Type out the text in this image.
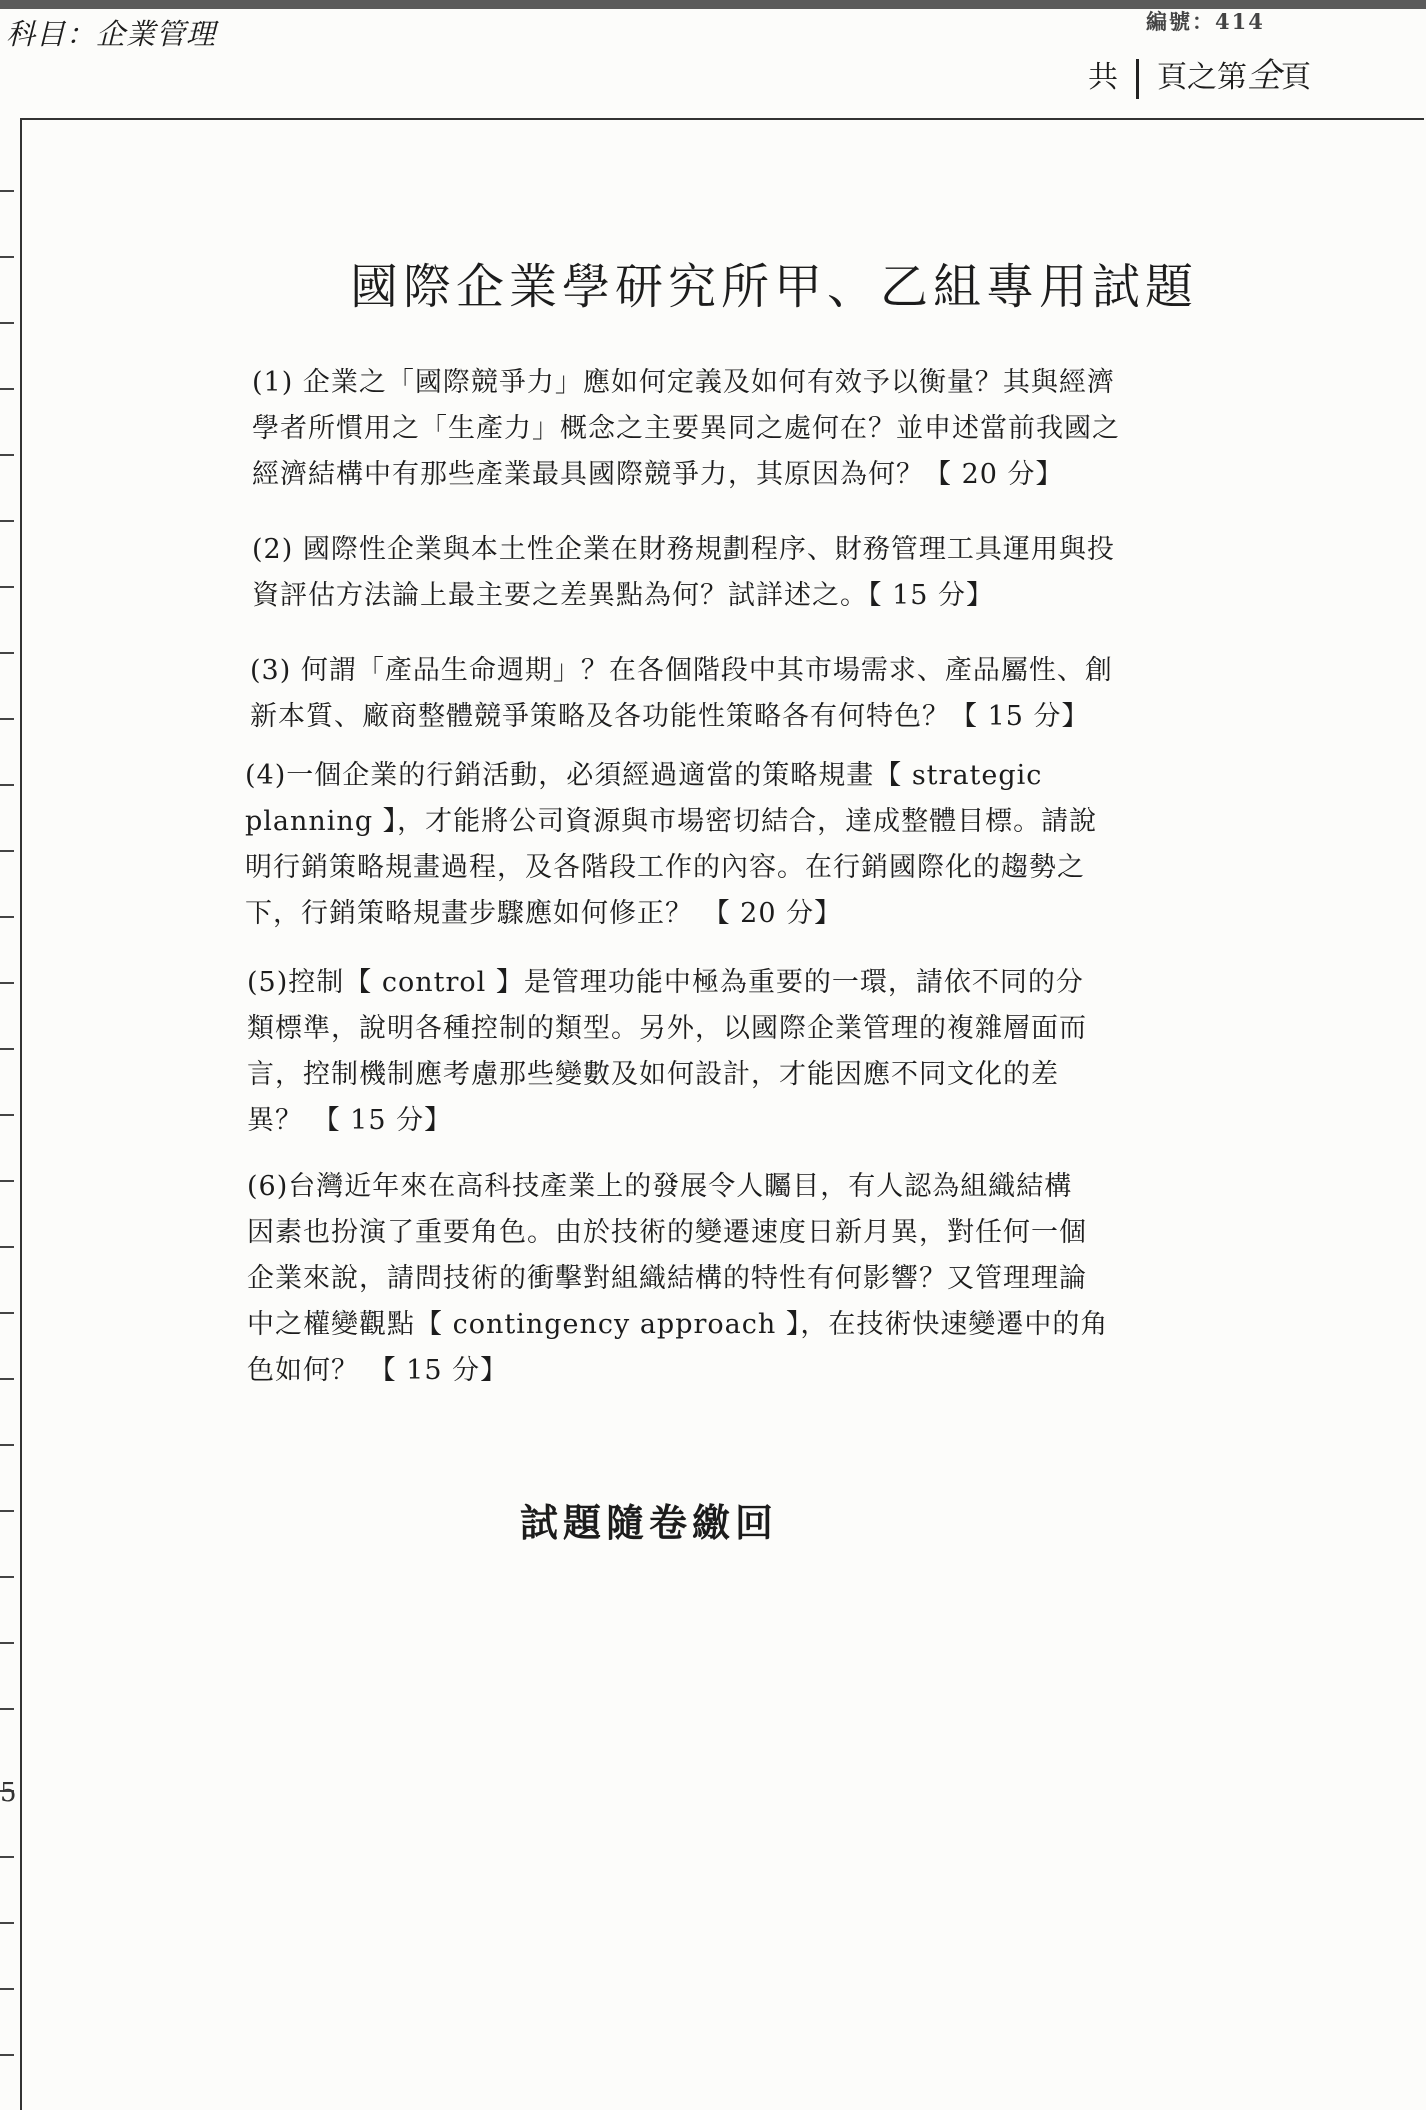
科目：企業管理	編號：414
共 頁之第全頁
5
國際企業學研究所甲、乙組專用試題
(1) 企業之「國際競爭力」應如何定義及如何有效予以衡量？其與經濟
學者所慣用之「生產力」概念之主要異同之處何在？並申述當前我國之
經濟結構中有那些產業最具國際競爭力，其原因為何？【 20 分】
(2) 國際性企業與本土性企業在財務規劃程序、財務管理工具運用與投
資評估方法論上最主要之差異點為何？試詳述之。【 15 分】
(3) 何謂「產品生命週期」？在各個階段中其市場需求、產品屬性、創
新本質、廠商整體競爭策略及各功能性策略各有何特色？【 15 分】
(4)一個企業的行銷活動，必須經過適當的策略規畫【 strategic
planning 】，才能將公司資源與市場密切結合，達成整體目標。請說
明行銷策略規畫過程，及各階段工作的內容。在行銷國際化的趨勢之
下，行銷策略規畫步驟應如何修正？ 【 20 分】
(5)控制【 control 】是管理功能中極為重要的一環，請依不同的分
類標準，說明各種控制的類型。另外，以國際企業管理的複雜層面而
言，控制機制應考慮那些變數及如何設計，才能因應不同文化的差
異？ 【 15 分】
(6)台灣近年來在高科技產業上的發展令人矚目，有人認為組織結構
因素也扮演了重要角色。由於技術的變遷速度日新月異，對任何一個
企業來說，請問技術的衝擊對組織結構的特性有何影響？又管理理論
中之權變觀點【 contingency approach 】，在技術快速變遷中的角
色如何？ 【 15 分】
試題隨卷繳回
